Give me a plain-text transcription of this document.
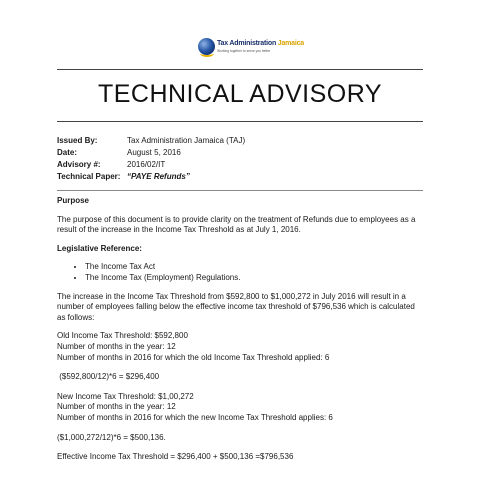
Tax Administration Jamaica
Working together to serve you better
TECHNICAL ADVISORY
Issued By:	Tax Administration Jamaica (TAJ)
Date:	August 5, 2016
Advisory #:	2016/02/IT
Technical Paper: “PAYE Refunds”
Purpose

The purpose of this document is to provide clarity on the treatment of Refunds due to employees as a result of the increase in the Income Tax Threshold as at July 1, 2016.

Legislative Reference:
• The Income Tax Act
• The Income Tax (Employment) Regulations.

The increase in the Income Tax Threshold from $592,800 to $1,000,272 in July 2016 will result in a number of employees falling below the effective income tax threshold of $796,536 which is calculated as follows:

Old Income Tax Threshold: $592,800
Number of months in the year: 12
Number of months in 2016 for which the old Income Tax Threshold applied: 6
($592,800/12)*6 = $296,400
New Income Tax Threshold: $1,00,272
Number of months in the year: 12
Number of months in 2016 for which the new Income Tax Threshold applies: 6
($1,000,272/12)*6 = $500,136.
Effective Income Tax Threshold = $296,400 + $500,136 =$796,536
